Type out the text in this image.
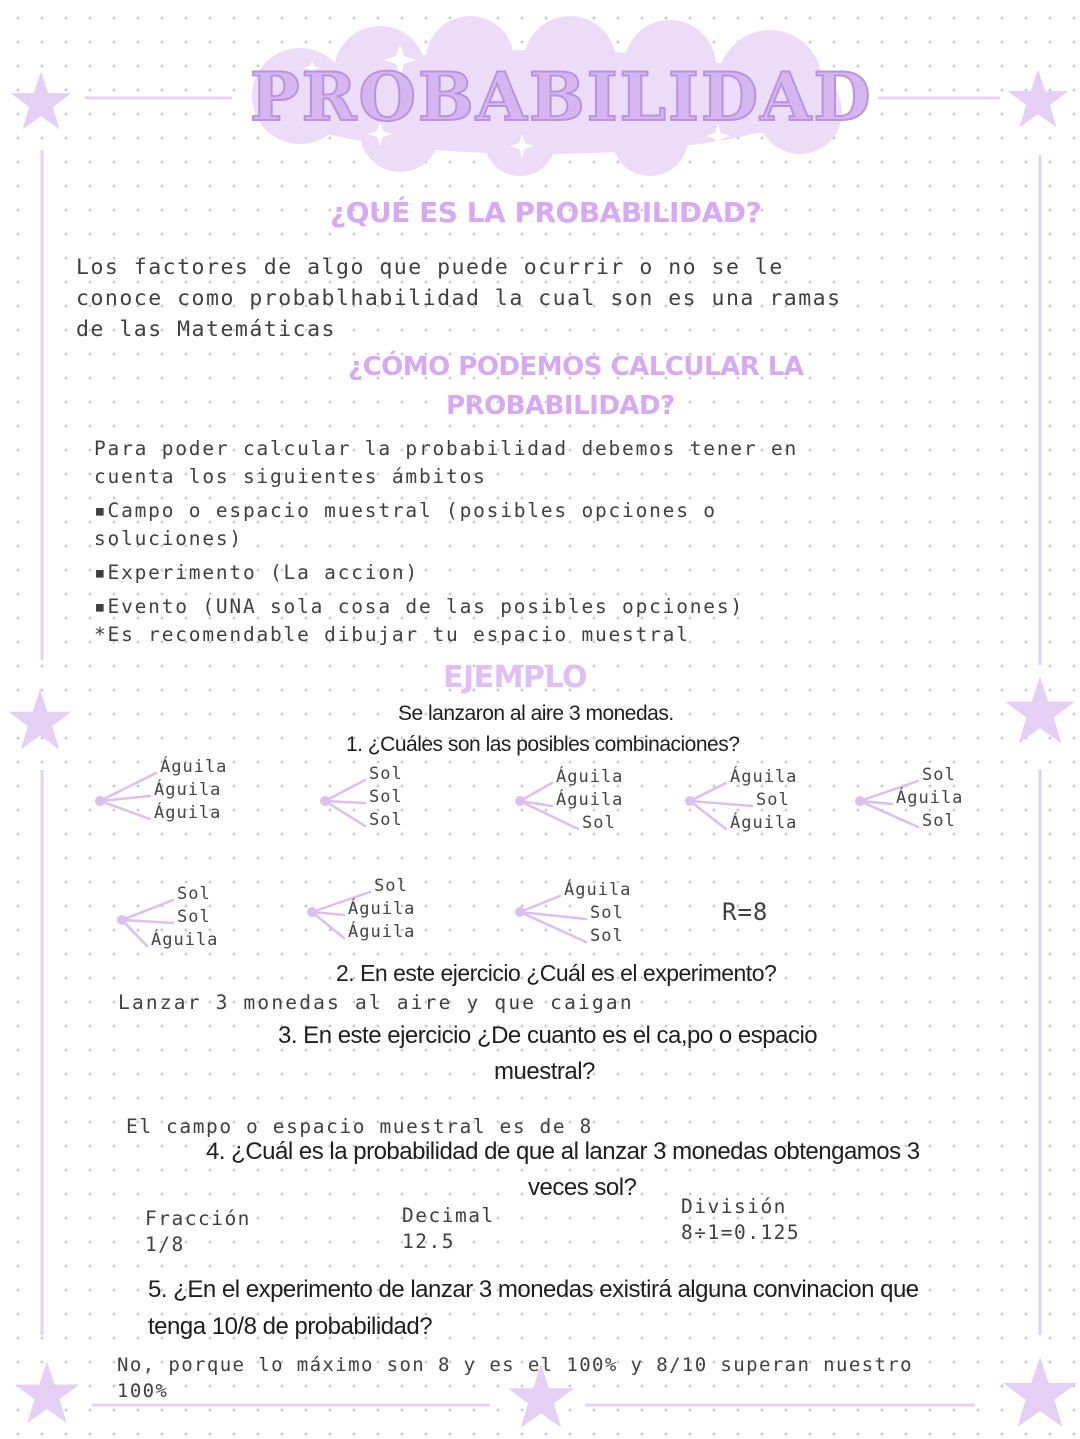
PROBABILIDAD
¿QUÉ ES LA PROBABILIDAD?
Los factores de algo que puede ocurrir o no se le
conoce como probablhabilidad la cual son es una ramas
de las Matemáticas
¿CÓMO PODEMOS CALCULAR LA
PROBABILIDAD?
Para poder calcular la probabilidad debemos tener en
cuenta los siguientes ámbitos
▪Campo o espacio muestral (posibles opciones o
soluciones)
▪Experimento (La accion)
▪Evento (UNA sola cosa de las posibles opciones)
*Es recomendable dibujar tu espacio muestral
EJEMPLO
Se lanzaron al aire 3 monedas.
1. ¿Cuáles son las posibles combinaciones?
Águila
Águila
Águila
Sol
Sol
Sol
Águila
Águila
Sol
Águila
Sol
Águila
Sol
Águila
Sol
Sol
Sol
Águila
Sol
Águila
Águila
Águila
Sol
Sol
R=8
2. En este ejercicio ¿Cuál es el experimento?
Lanzar 3 monedas al aire y que caigan
3. En este ejercicio ¿De cuanto es el ca,po o espacio
muestral?
El campo o espacio muestral es de 8
4. ¿Cuál es la probabilidad de que al lanzar 3 monedas obtengamos 3
veces sol?
Fracción
1/8
Decimal
12.5
División
8÷1=0.125
5. ¿En el experimento de lanzar 3 monedas existirá alguna convinacion que
tenga 10/8 de probabilidad?
No, porque lo máximo son 8 y es el 100% y 8/10 superan nuestro
100%
